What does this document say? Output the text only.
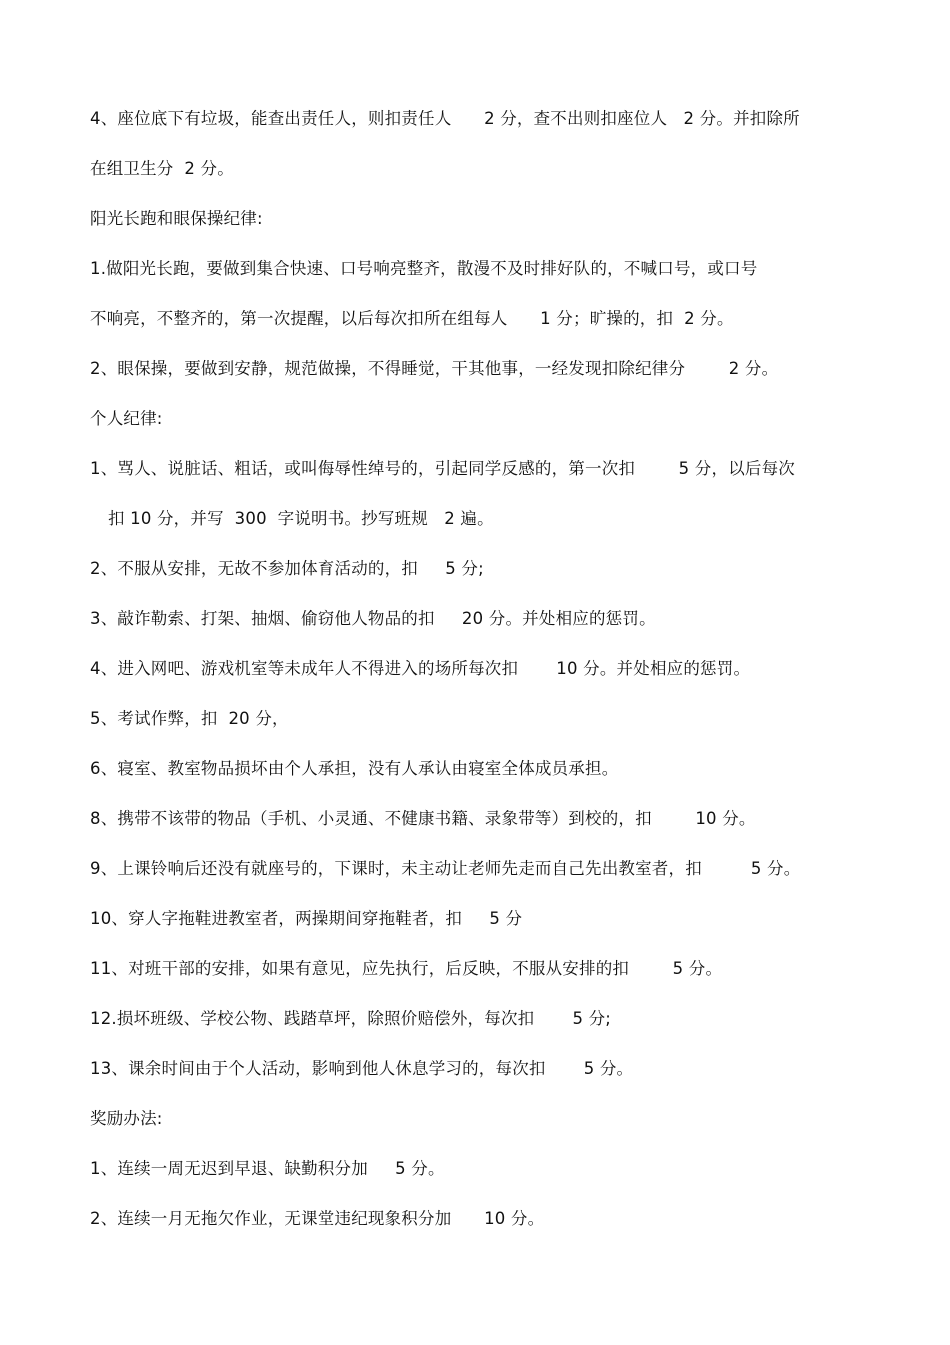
4、座位底下有垃圾，能查出责任人，则扣责任人      2 分，查不出则扣座位人   2 分。并扣除所
在组卫生分  2 分。
阳光长跑和眼保操纪律:
1.做阳光长跑，要做到集合快速、口号响亮整齐，散漫不及时排好队的，不喊口号，或口号
不响亮，不整齐的，第一次提醒，以后每次扣所在组每人      1 分；旷操的，扣  2 分。
2、眼保操，要做到安静，规范做操，不得睡觉，干其他事，一经发现扣除纪律分        2 分。
个人纪律:
1、骂人、说脏话、粗话，或叫侮辱性绰号的，引起同学反感的，第一次扣        5 分，以后每次
扣 10 分，并写  300  字说明书。抄写班规   2 遍。
2、不服从安排，无故不参加体育活动的，扣     5 分;
3、敲诈勒索、打架、抽烟、偷窃他人物品的扣     20 分。并处相应的惩罚。
4、进入网吧、游戏机室等未成年人不得进入的场所每次扣       10 分。并处相应的惩罚。
5、考试作弊，扣  20 分，
6、寝室、教室物品损坏由个人承担，没有人承认由寝室全体成员承担。
8、携带不该带的物品（手机、小灵通、不健康书籍、录象带等）到校的，扣        10 分。
9、上课铃响后还没有就座号的，下课时，未主动让老师先走而自己先出教室者，扣         5 分。
10、穿人字拖鞋进教室者，两操期间穿拖鞋者，扣     5 分
11、对班干部的安排，如果有意见，应先执行，后反映，不服从安排的扣        5 分。
12.损坏班级、学校公物、践踏草坪，除照价赔偿外，每次扣       5 分;
13、课余时间由于个人活动，影响到他人休息学习的，每次扣       5 分。
奖励办法:
1、连续一周无迟到早退、缺勤积分加     5 分。
2、连续一月无拖欠作业，无课堂违纪现象积分加      10 分。
